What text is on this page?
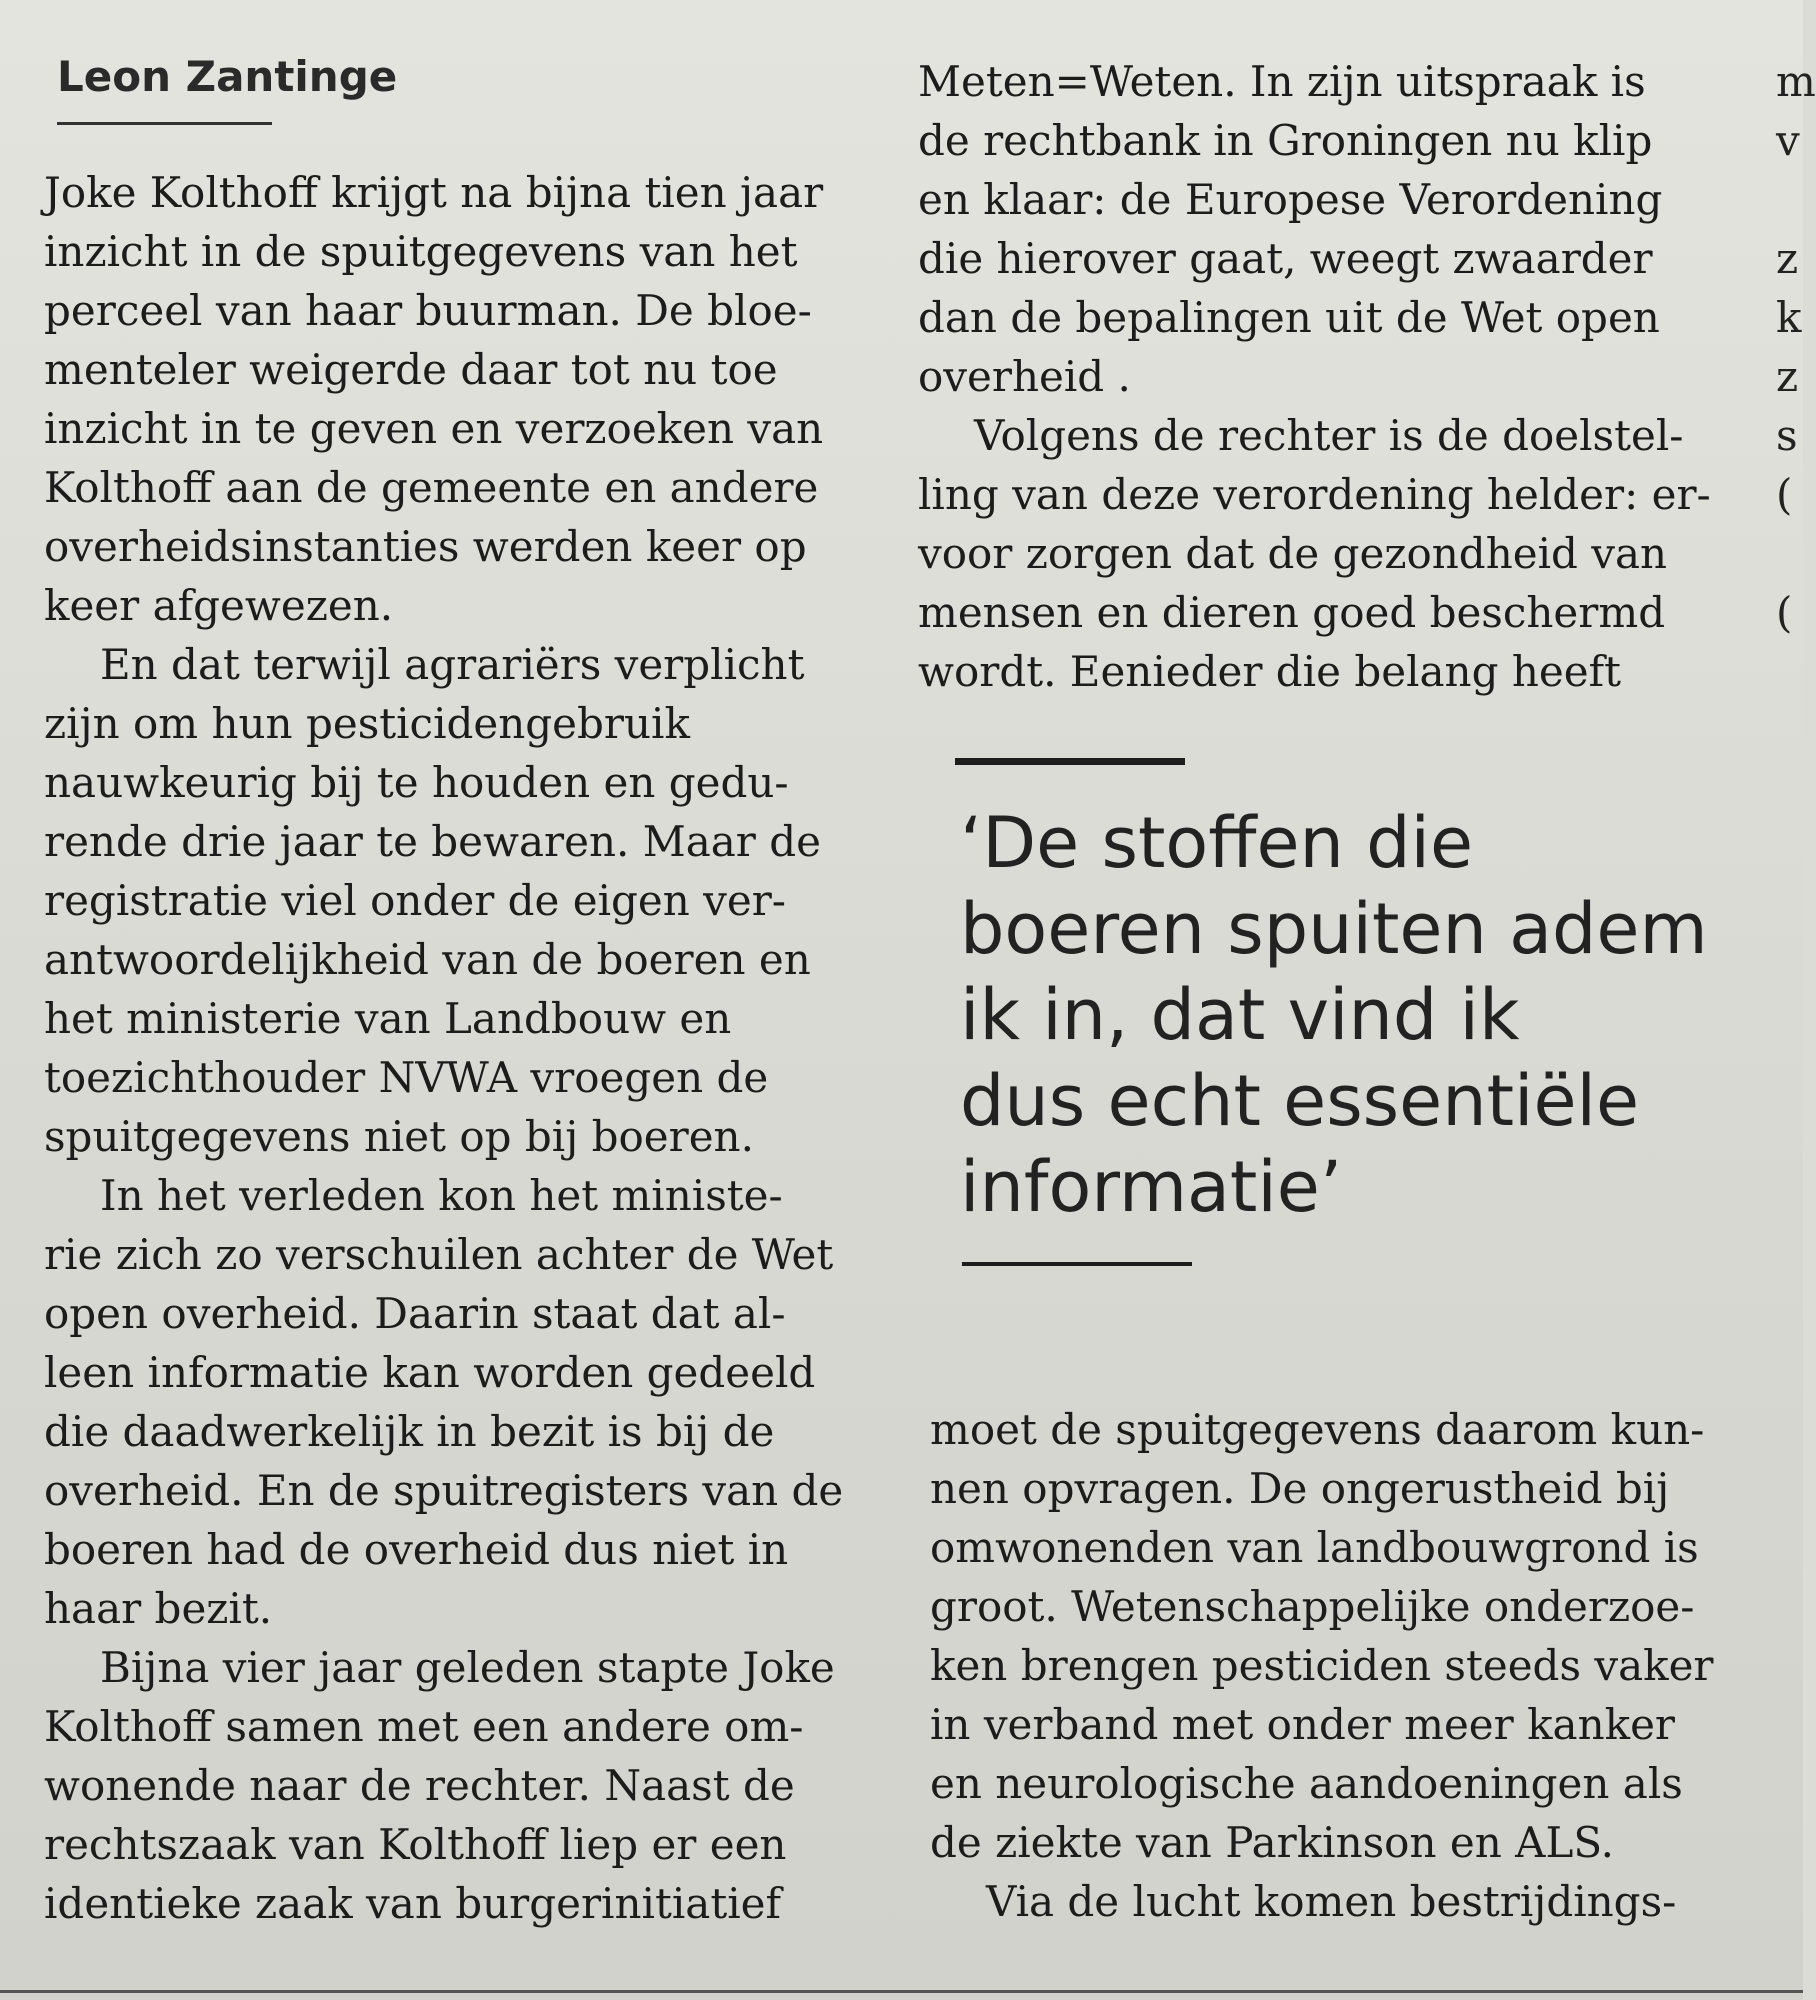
Leon Zantinge
Joke Kolthoff krijgt na bijna tien jaar
inzicht in de spuitgegevens van het
perceel van haar buurman. De bloe-
menteler weigerde daar tot nu toe
inzicht in te geven en verzoeken van
Kolthoff aan de gemeente en andere
overheidsinstanties werden keer op
keer afgewezen.
En dat terwijl agrariërs verplicht
zijn om hun pesticidengebruik
nauwkeurig bij te houden en gedu-
rende drie jaar te bewaren. Maar de
registratie viel onder de eigen ver-
antwoordelijkheid van de boeren en
het ministerie van Landbouw en
toezichthouder NVWA vroegen de
spuitgegevens niet op bij boeren.
In het verleden kon het ministe-
rie zich zo verschuilen achter de Wet
open overheid. Daarin staat dat al-
leen informatie kan worden gedeeld
die daadwerkelijk in bezit is bij de
overheid. En de spuitregisters van de
boeren had de overheid dus niet in
haar bezit.
Bijna vier jaar geleden stapte Joke
Kolthoff samen met een andere om-
wonende naar de rechter. Naast de
rechtszaak van Kolthoff liep er een
identieke zaak van burgerinitiatief
Meten=Weten. In zijn uitspraak is
de rechtbank in Groningen nu klip
en klaar: de Europese Verordening
die hierover gaat, weegt zwaarder
dan de bepalingen uit de Wet open
overheid .
Volgens de rechter is de doelstel-
ling van deze verordening helder: er-
voor zorgen dat de gezondheid van
mensen en dieren goed beschermd
wordt. Eenieder die belang heeft
‘De stoffen die
boeren spuiten adem
ik in, dat vind ik
dus echt essentiële
informatie’
moet de spuitgegevens daarom kun-
nen opvragen. De ongerustheid bij
omwonenden van landbouwgrond is
groot. Wetenschappelijke onderzoe-
ken brengen pesticiden steeds vaker
in verband met onder meer kanker
en neurologische aandoeningen als
de ziekte van Parkinson en ALS.
Via de lucht komen bestrijdings-
m
v
z
k
z
s
(
(
